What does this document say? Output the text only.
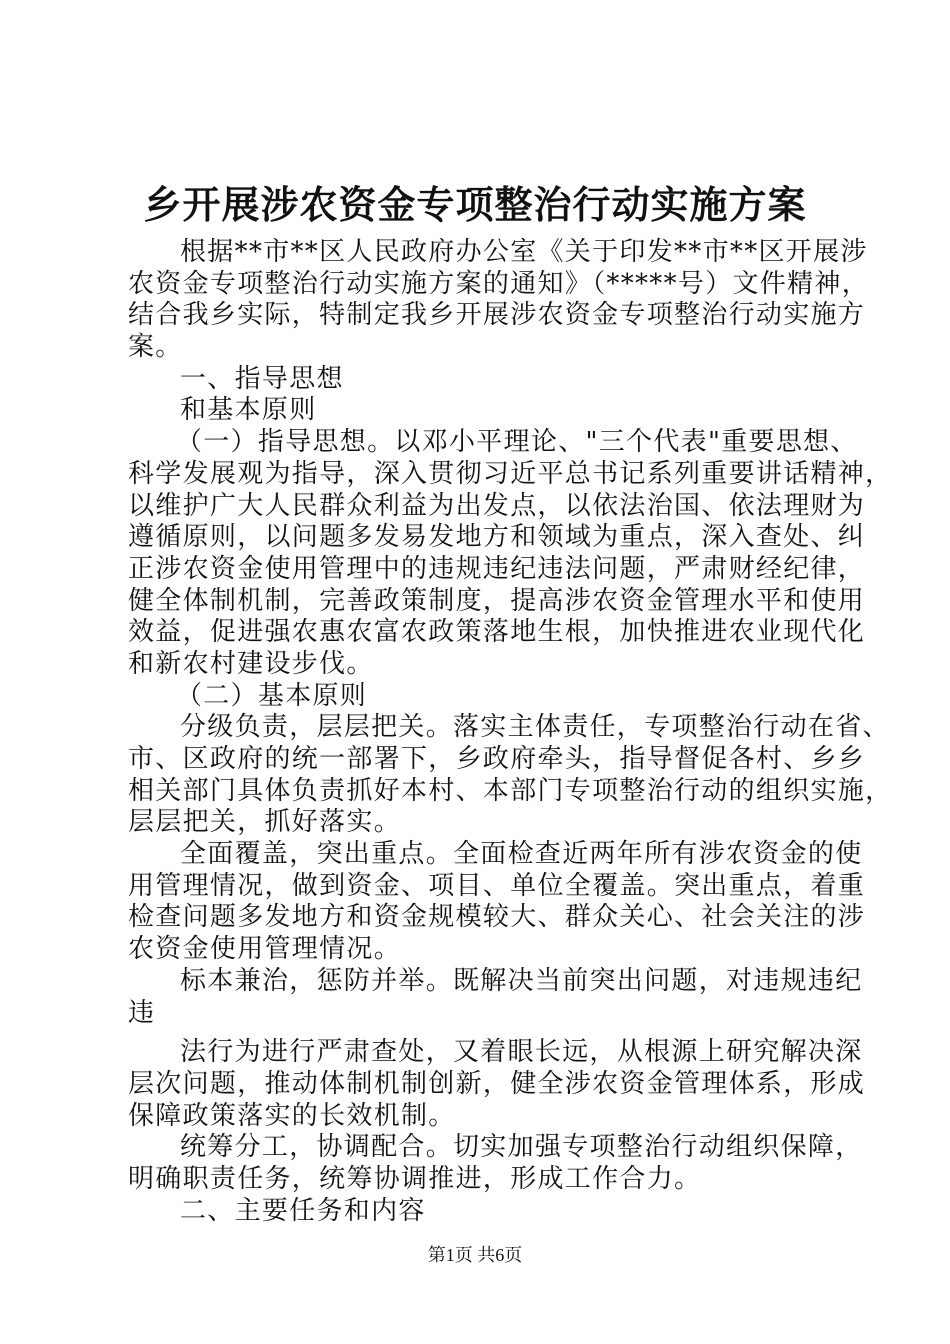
乡开展涉农资金专项整治行动实施方案
根据**市**区人民政府办公室《关于印发**市**区开展涉
农资金专项整治行动实施方案的通知》（*****号）文件精神，
结合我乡实际，特制定我乡开展涉农资金专项整治行动实施方
案。
一、指导思想
和基本原则
（一）指导思想。以邓小平理论、"三个代表"重要思想、
科学发展观为指导，深入贯彻习近平总书记系列重要讲话精神，
以维护广大人民群众利益为出发点，以依法治国、依法理财为
遵循原则，以问题多发易发地方和领域为重点，深入查处、纠
正涉农资金使用管理中的违规违纪违法问题，严肃财经纪律，
健全体制机制，完善政策制度，提高涉农资金管理水平和使用
效益，促进强农惠农富农政策落地生根，加快推进农业现代化
和新农村建设步伐。
（二）基本原则
分级负责，层层把关。落实主体责任，专项整治行动在省、
市、区政府的统一部署下，乡政府牵头，指导督促各村、乡乡
相关部门具体负责抓好本村、本部门专项整治行动的组织实施，
层层把关，抓好落实。
全面覆盖，突出重点。全面检查近两年所有涉农资金的使
用管理情况，做到资金、项目、单位全覆盖。突出重点，着重
检查问题多发地方和资金规模较大、群众关心、社会关注的涉
农资金使用管理情况。
标本兼治，惩防并举。既解决当前突出问题，对违规违纪
违
法行为进行严肃查处，又着眼长远，从根源上研究解决深
层次问题，推动体制机制创新，健全涉农资金管理体系，形成
保障政策落实的长效机制。
统筹分工，协调配合。切实加强专项整治行动组织保障，
明确职责任务，统筹协调推进，形成工作合力。
二、主要任务和内容
第1页 共6页
